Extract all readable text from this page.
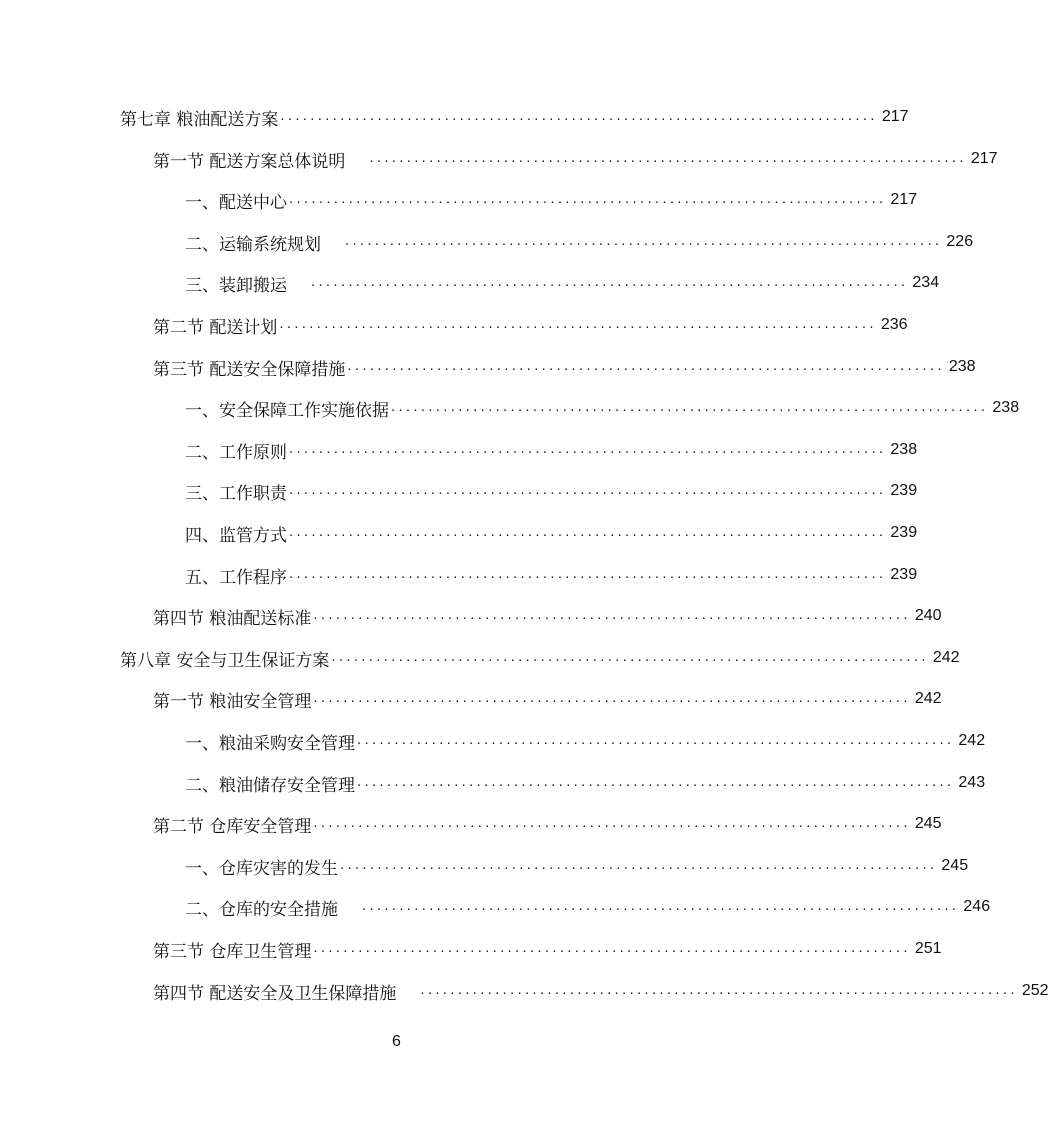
第七章 粮油配送方案 ................................................................................ 217
第一节 配送方案总体说明 ................................................................................ 217
一、配送中心 ................................................................................ 217
二、运输系统规划 ................................................................................ 226
三、装卸搬运 ................................................................................ 234
第二节 配送计划 ................................................................................ 236
第三节 配送安全保障措施 ................................................................................ 238
一、安全保障工作实施依据 ................................................................................ 238
二、工作原则 ................................................................................ 238
三、工作职责 ................................................................................ 239
四、监管方式 ................................................................................ 239
五、工作程序 ................................................................................ 239
第四节 粮油配送标准 ................................................................................ 240
第八章 安全与卫生保证方案 ................................................................................ 242
第一节 粮油安全管理 ................................................................................ 242
一、粮油采购安全管理 ................................................................................ 242
二、粮油储存安全管理 ................................................................................ 243
第二节 仓库安全管理 ................................................................................ 245
一、仓库灾害的发生 ................................................................................ 245
二、仓库的安全措施 ................................................................................ 246
第三节 仓库卫生管理 ................................................................................ 251
第四节 配送安全及卫生保障措施 ................................................................................ 252
6
